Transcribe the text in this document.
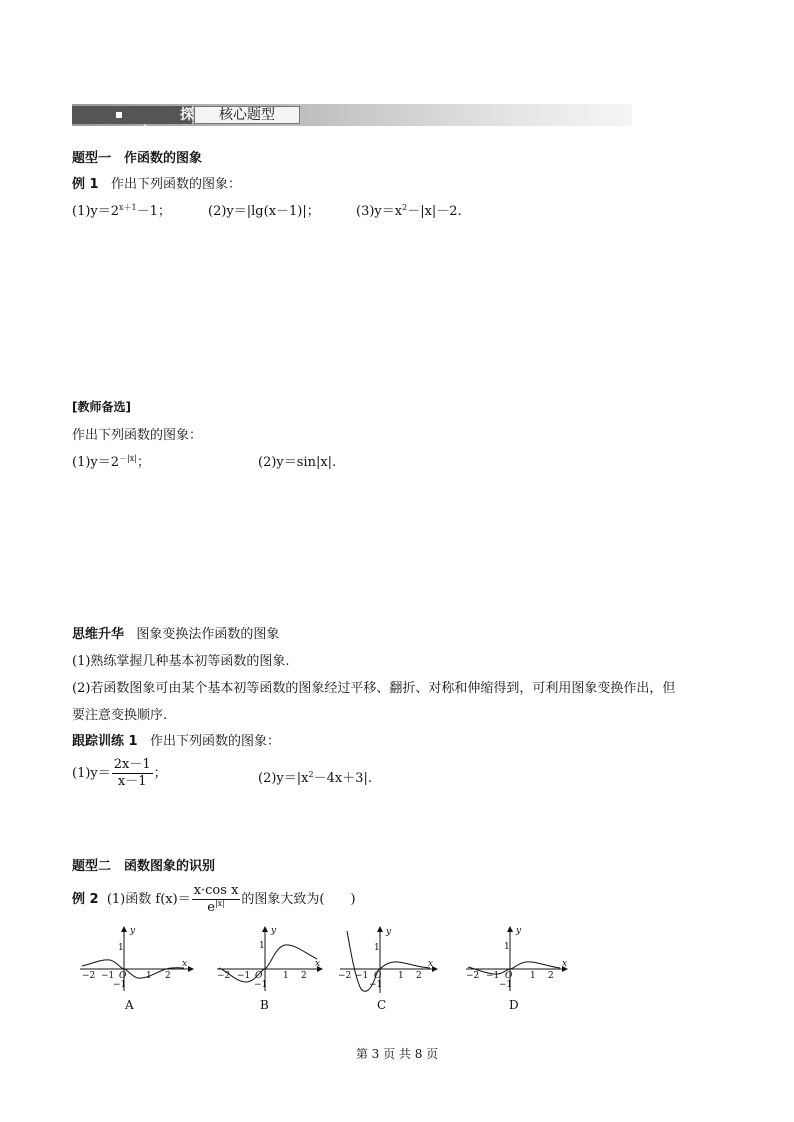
探究
核心题型
题型一　作函数的图象
例 1 作出下列函数的图象：
$(1)y=2^{x+1}-1$；	(2)y＝|lg(x－1)|；	$(3)y=x^2-|x|-2$.
[教师备选]
作出下列函数的图象：
$(1)y=2^{-|x|}$；	(2)y＝sin|x|.
思维升华 图象变换法作函数的图象
(1)熟练掌握几种基本初等函数的图象.
(2)若函数图象可由某个基本初等函数的图象经过平移、翻折、对称和伸缩得到，可利用图象变换作出，但
要注意变换顺序.
跟踪训练 1 作出下列函数的图象：
$(1)y= \frac{2x-1}{x-1}$ ；	$(2)y=|x^2-4x+3|$.
题型二　函数图象的识别
例 2 (1)函数 $f(x)= \frac{\text{x·cos x}}{e^{|x|}}$ 的图象大致为(　　)
y
x
1
−1
O
−1
−2	1 2
A
y
x
1
−1
O
−1
−2	1 2
B
y
x
1
−1
O
−1
−2	1 2
C
y
x
1
−1
O
−1
−2	1 2
D
第 3 页 共 8 页
